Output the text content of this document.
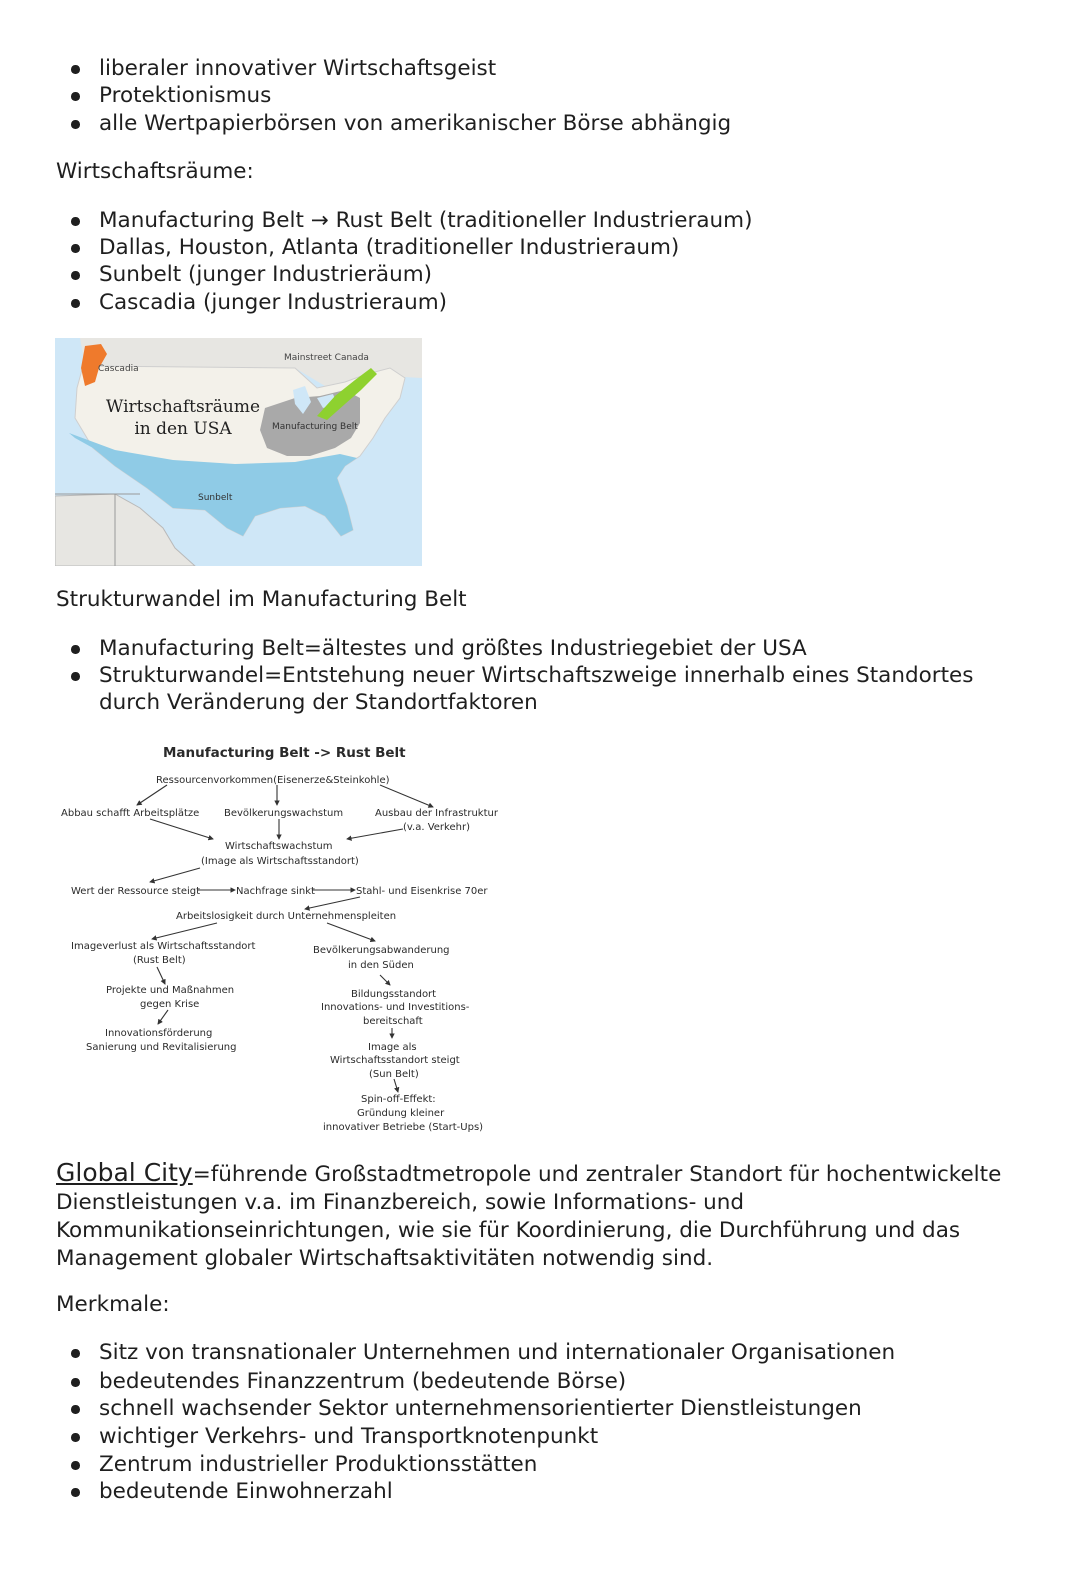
liberaler innovativer Wirtschaftsgeist
Protektionismus
alle Wertpapierbörsen von amerikanischer Börse abhängig
Wirtschaftsräume:
Manufacturing Belt → Rust Belt (traditioneller Industrieraum)
Dallas, Houston, Atlanta (traditioneller Industrieraum)
Sunbelt (junger Industrieräum)
Cascadia (junger Industrieraum)
Cascadia
Mainstreet Canada
Manufacturing Belt
Sunbelt
Wirtschaftsräume
in den USA
Strukturwandel im Manufacturing Belt
Manufacturing Belt=ältestes und größtes Industriegebiet der USA
Strukturwandel=Entstehung neuer Wirtschaftszweige innerhalb eines Standortes durch Veränderung der Standortfaktoren
Manufacturing Belt -> Rust Belt
Ressourcenvorkommen(Eisenerze&Steinkohle)
Abbau schafft Arbeitsplätze Bevölkerungswachstum	Ausbau der Infrastruktur
(v.a. Verkehr)
Wirtschaftswachstum
(Image als Wirtschaftsstandort)
Wert der Ressource steigt	Nachfrage sinkt	Stahl- und Eisenkrise 70er
Arbeitslosigkeit durch Unternehmenspleiten
Imageverlust als Wirtschaftsstandort
(Rust Belt)
Bevölkerungsabwanderung
in den Süden
Projekte und Maßnahmen
gegen Krise
Bildungsstandort
Innovations- und Investitions-
bereitschaft
Innovationsförderung
Sanierung und Revitalisierung	Image als
Wirtschaftsstandort steigt
(Sun Belt)
Spin-off-Effekt:
Gründung kleiner
innovativer Betriebe (Start-Ups)
Global City=führende Großstadtmetropole und zentraler Standort für hochentwickelte Dienstleistungen v.a. im Finanzbereich, sowie Informations- und Kommunikationseinrichtungen, wie sie für Koordinierung, die Durchführung und das Management globaler Wirtschaftsaktivitäten notwendig sind.
Merkmale:
Sitz von transnationaler Unternehmen und internationaler Organisationen
bedeutendes Finanzzentrum (bedeutende Börse)
schnell wachsender Sektor unternehmensorientierter Dienstleistungen
wichtiger Verkehrs- und Transportknotenpunkt
Zentrum industrieller Produktionsstätten
bedeutende Einwohnerzahl
